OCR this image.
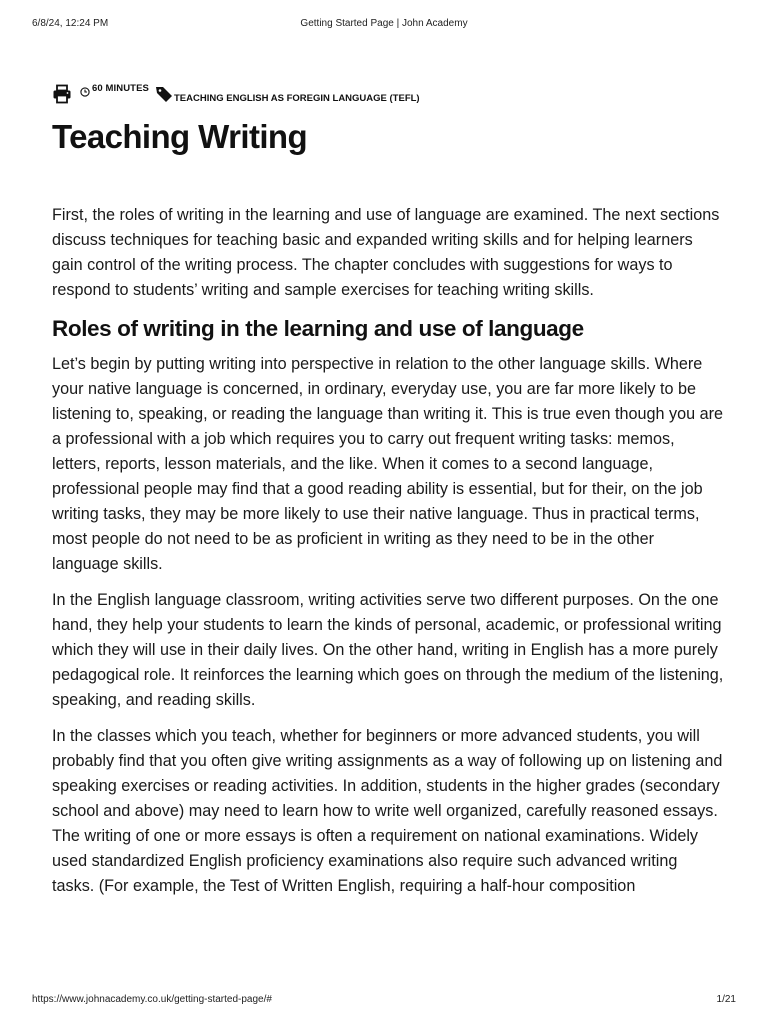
6/8/24, 12:24 PM	Getting Started Page | John Academy
60 MINUTES
TEACHING ENGLISH AS FOREGIN LANGUAGE (TEFL)
Teaching Writing

First, the roles of writing in the learning and use of language are examined. The next sections discuss techniques for teaching basic and expanded writing skills and for helping learners gain control of the writing process. The chapter concludes with suggestions for ways to respond to students’ writing and sample exercises for teaching writing skills.

Roles of writing in the learning and use of language

Let’s begin by putting writing into perspective in relation to the other language skills. Where your native language is concerned, in ordinary, everyday use, you are far more likely to be listening to, speaking, or reading the language than writing it. This is true even though you are a professional with a job which requires you to carry out frequent writing tasks: memos, letters, reports, lesson materials, and the like. When it comes to a second language, professional people may find that a good reading ability is essential, but for their, on the job writing tasks, they may be more likely to use their native language. Thus in practical terms, most people do not need to be as proficient in writing as they need to be in the other language skills.

In the English language classroom, writing activities serve two different purposes. On the one hand, they help your students to learn the kinds of personal, academic, or professional writing which they will use in their daily lives. On the other hand, writing in English has a more purely pedagogical role. It reinforces the learning which goes on through the medium of the listening, speaking, and reading skills.

In the classes which you teach, whether for beginners or more advanced students, you will probably find that you often give writing assignments as a way of following up on listening and speaking exercises or reading activities. In addition, students in the higher grades (secondary school and above) may need to learn how to write well organized, carefully reasoned essays. The writing of one or more essays is often a requirement on national examinations. Widely used standardized English proficiency examinations also require such advanced writing tasks. (For example, the Test of Written English, requiring a half-hour composition

https://www.johnacademy.co.uk/getting-started-page/#	1/21
